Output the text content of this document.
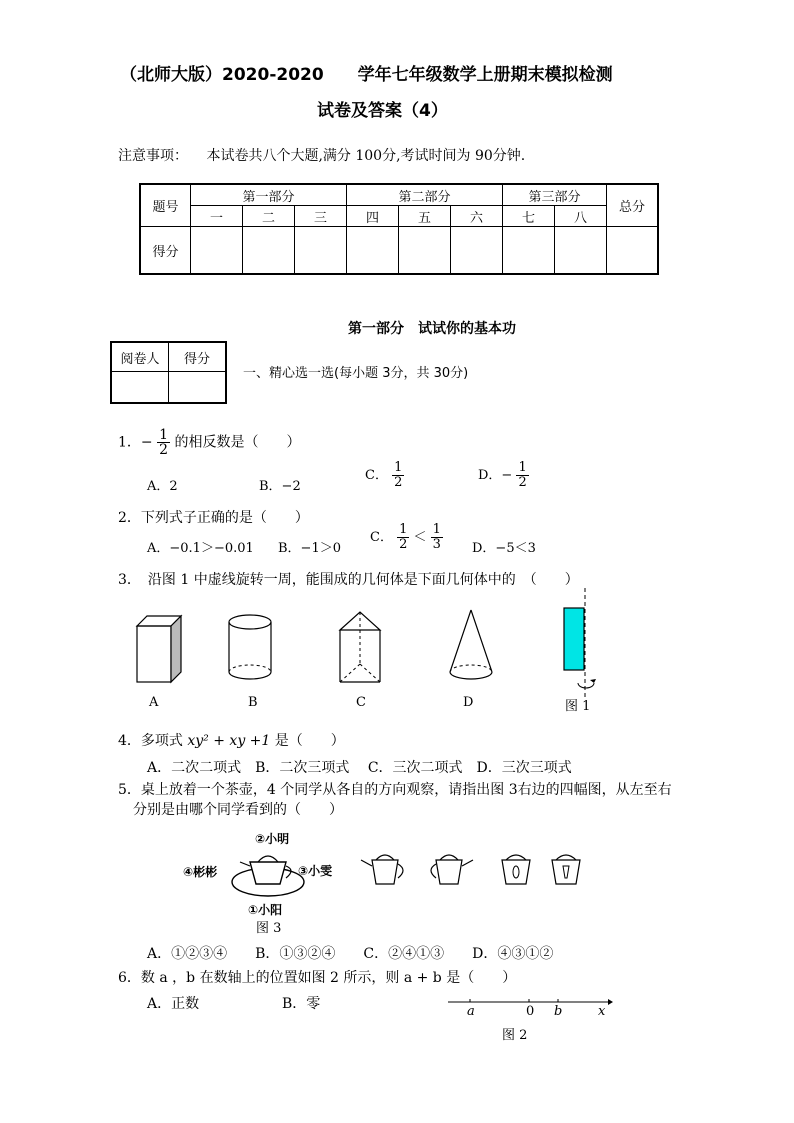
（北师大版）2020-2020　　学年七年级数学上册期末模拟检测
试卷及答案（4）
注意事项： 本试卷共八个大题,满分 100分,考试时间为 90分钟.
题号	第一部分			第二部分			第三部分		总分
	一	二	三	四	五	六	七	八	
得分									
第一部分　试试你的基本功
阅卷人	得分

一、精心选一选(每小题 3分，共 30分)
1．− $\frac{1}{2}$ 的相反数是（　　）
A．2	B．−2
C． $\frac{1}{2}$	D．− $\frac{1}{2}$
2．下列式子正确的是（　　）
A．−0.1＞−0.01 B．−1＞0
C． $\frac{1}{2} < \frac{1}{3}$ D．−5＜3
3．　沿图 1 中虚线旋转一周，能围成的几何体是下面几何体中的　（　　）
A	B	C	D	图 1
4．多项式 xy² + xy +1 是（　　）
A．二次二项式　B．二次三项式　 C．三次二项式　D．三次三项式
5．桌上放着一个茶壶，4 个同学从各自的方向观察，请指出图 3右边的四幅图，从左至右
分别是由哪个同学看到的（　　）
②小明
④彬彬	③小雯
①小阳
图 3
A．①②③④　　B．①③②④　　C．②④①③　　D．④③①②
6．数 a ，b 在数轴上的位置如图 2 所示，则 a + b 是（　　）
A．正数	B．零	a	0 b	x
图 2
